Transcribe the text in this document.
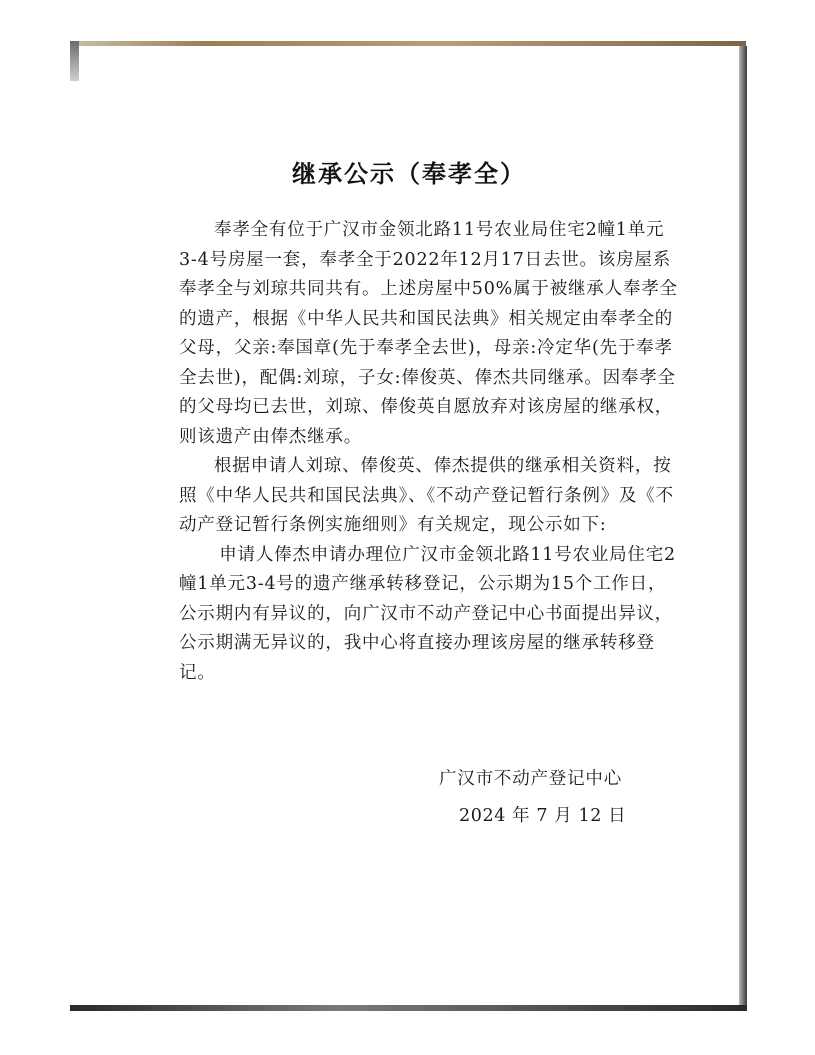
继承公示（奉孝全）

奉孝全有位于广汉市金领北路11号农业局住宅2幢1单元3-4号房屋一套，奉孝全于2022年12月17日去世。该房屋系奉孝全与刘琼共同共有。上述房屋中50%属于被继承人奉孝全的遗产，根据《中华人民共和国民法典》相关规定由奉孝全的父母，父亲:奉国章(先于奉孝全去世)，母亲:冷定华(先于奉孝全去世)，配偶:刘琼，子女:俸俊英、俸杰共同继承。因奉孝全的父母均已去世，刘琼、俸俊英自愿放弃对该房屋的继承权，则该遗产由俸杰继承。

根据申请人刘琼、俸俊英、俸杰提供的继承相关资料，按照《中华人民共和国民法典》、《不动产登记暂行条例》及《不动产登记暂行条例实施细则》有关规定，现公示如下:

申请人俸杰申请办理位广汉市金领北路11号农业局住宅2幢1单元3-4号的遗产继承转移登记，公示期为15个工作日，公示期内有异议的，向广汉市不动产登记中心书面提出异议，公示期满无异议的，我中心将直接办理该房屋的继承转移登记。

广汉市不动产登记中心
2024 年 7 月 12 日
